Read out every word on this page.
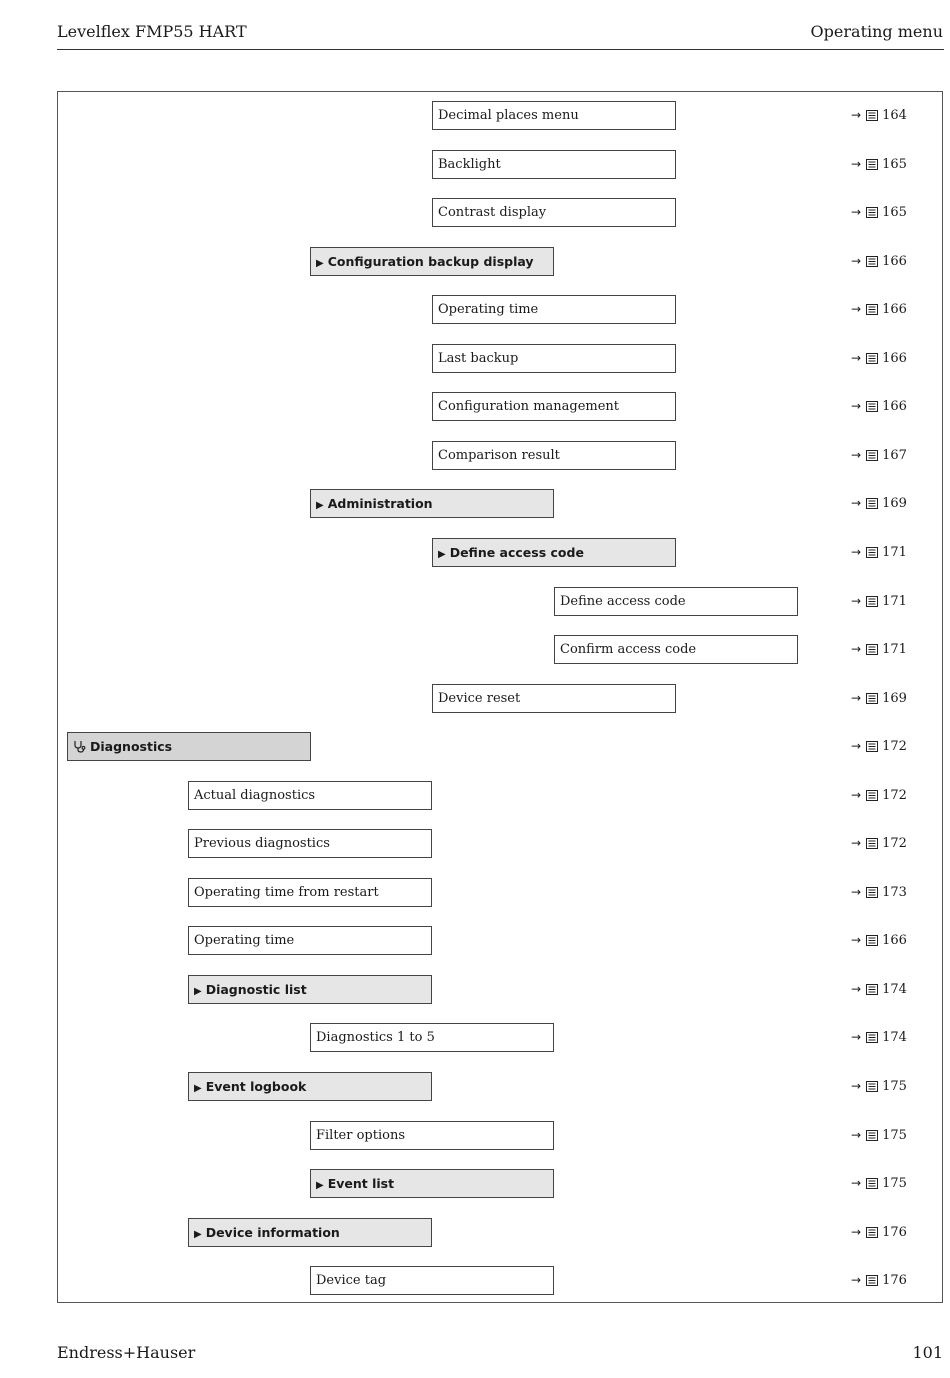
Levelflex FMP55 HART	Operating menu
Decimal places menu	→ 164
Backlight	→ 165
Contrast display	→ 165
▶ Configuration backup display	→ 166
Operating time	→ 166
Last backup	→ 166
Configuration management	→ 166
Comparison result	→ 167
▶ Administration	→ 169
▶ Define access code	→ 171
Define access code	→ 171
Confirm access code	→ 171
Device reset	→ 169
Diagnostics	→ 172
Actual diagnostics	→ 172
Previous diagnostics	→ 172
Operating time from restart	→ 173
Operating time	→ 166
▶ Diagnostic list	→ 174
Diagnostics 1 to 5	→ 174
▶ Event logbook	→ 175
Filter options	→ 175
▶ Event list	→ 175
▶ Device information	→ 176
Device tag	→ 176
Endress+Hauser	101
